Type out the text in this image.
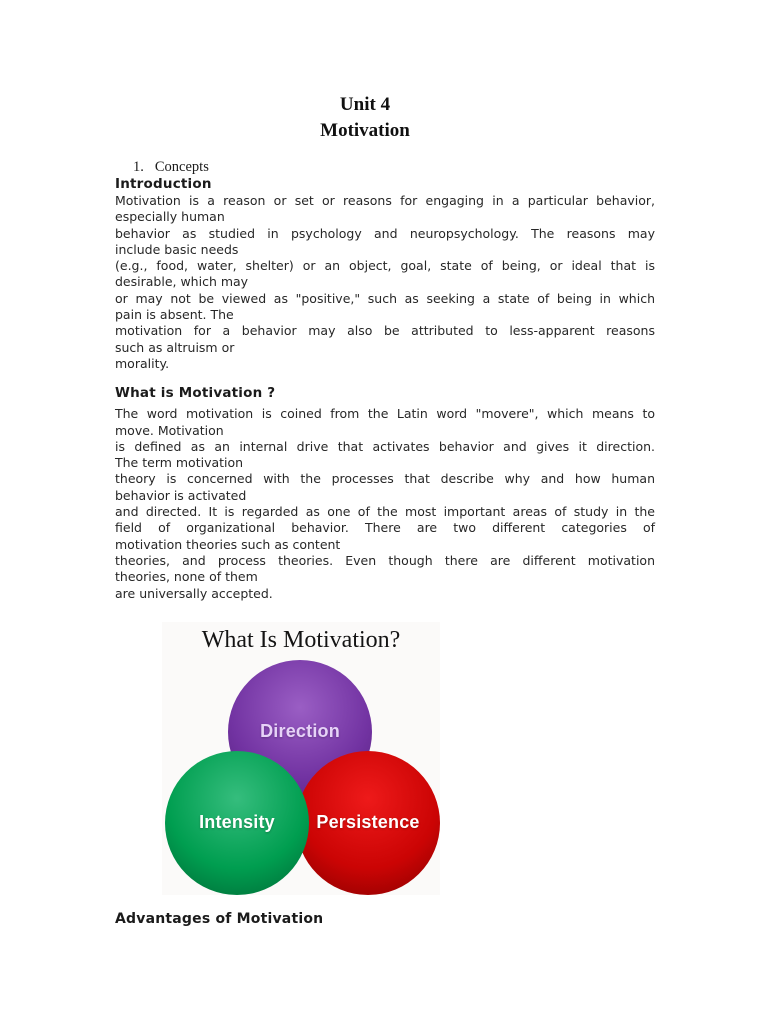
Unit 4
Motivation
1. Concepts
Introduction
Motivation is a reason or set or reasons for engaging in a particular behavior,
especially human
behavior as studied in psychology and neuropsychology. The reasons may
include basic needs
(e.g., food, water, shelter) or an object, goal, state of being, or ideal that is
desirable, which may
or may not be viewed as "positive," such as seeking a state of being in which
pain is absent. The
motivation for a behavior may also be attributed to less-apparent reasons
such as altruism or
morality.
What is Motivation ?
The word motivation is coined from the Latin word "movere", which means to
move. Motivation
is defined as an internal drive that activates behavior and gives it direction.
The term motivation
theory is concerned with the processes that describe why and how human
behavior is activated
and directed. It is regarded as one of the most important areas of study in the
field of organizational behavior. There are two different categories of
motivation theories such as content
theories, and process theories. Even though there are different motivation
theories, none of them
are universally accepted.
What Is Motivation?
Direction
Persistence
Intensity
Advantages of Motivation
